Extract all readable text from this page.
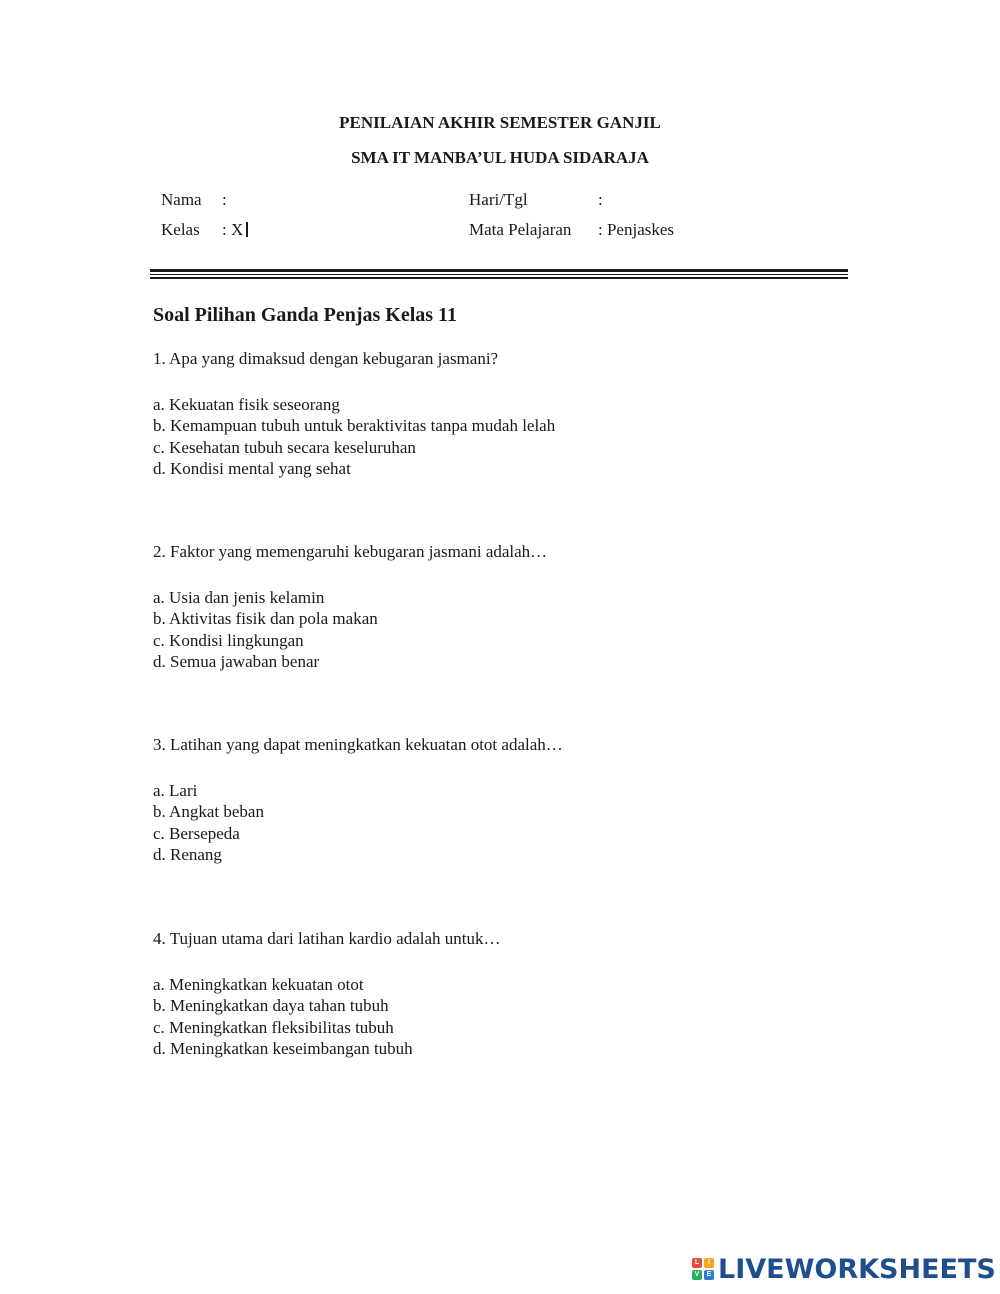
PENILAIAN AKHIR SEMESTER GANJIL
SMA IT MANBA’UL HUDA SIDARAJA
Nama :
Kelas : X
Hari/Tgl	:
Mata Pelajaran : Penjaskes
Soal Pilihan Ganda Penjas Kelas 11
1. Apa yang dimaksud dengan kebugaran jasmani?
a. Kekuatan fisik seseorang
b. Kemampuan tubuh untuk beraktivitas tanpa mudah lelah
c. Kesehatan tubuh secara keseluruhan
d. Kondisi mental yang sehat
2. Faktor yang memengaruhi kebugaran jasmani adalah…
a. Usia dan jenis kelamin
b. Aktivitas fisik dan pola makan
c. Kondisi lingkungan
d. Semua jawaban benar
3. Latihan yang dapat meningkatkan kekuatan otot adalah…
a. Lari
b. Angkat beban
c. Bersepeda
d. Renang
4. Tujuan utama dari latihan kardio adalah untuk…
a. Meningkatkan kekuatan otot
b. Meningkatkan daya tahan tubuh
c. Meningkatkan fleksibilitas tubuh
d. Meningkatkan keseimbangan tubuh
L	I
V	E LIVEWORKSHEETS
